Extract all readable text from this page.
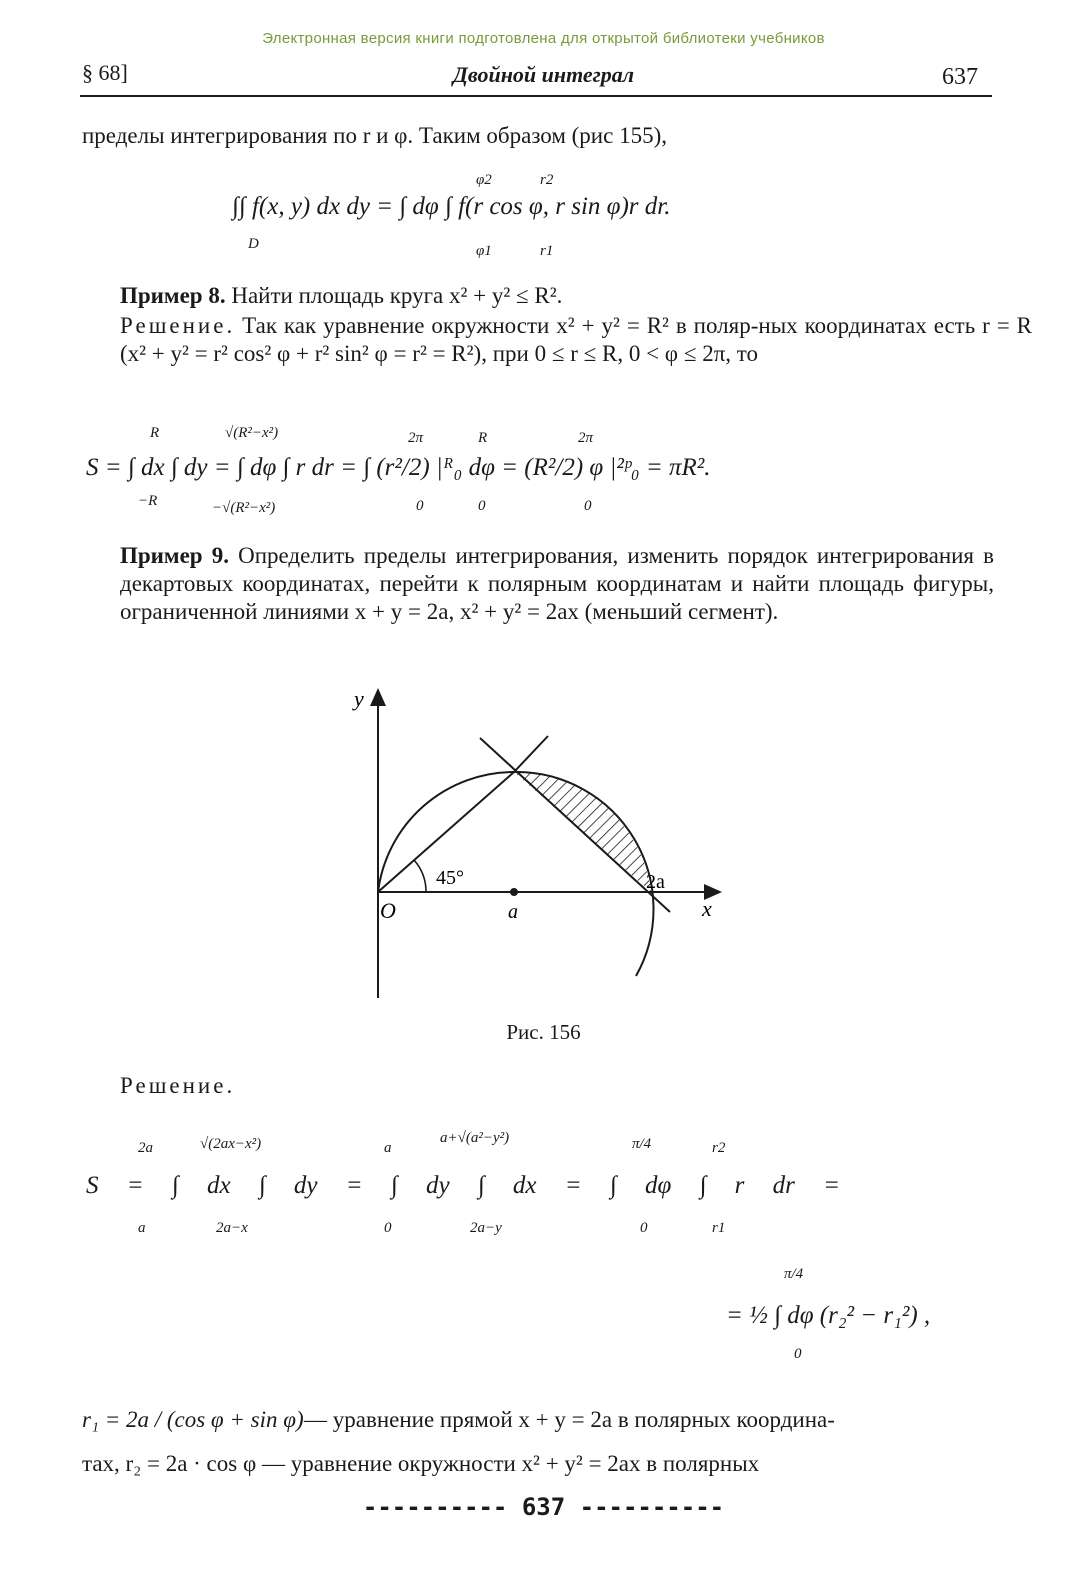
Электронная версия книги подготовлена для открытой библиотеки учебников
§ 68]	Двойной интеграл	637
пределы интегрирования по r и φ. Таким образом (рис 155),
∫∫ f(x, y) dx dy = ∫ dφ ∫ f(r cos φ, r sin φ)r dr.
D
φ2
φ1
r2
r1
Пример 8. Найти площадь круга x² + y² ≤ R².
Решение. Так как уравнение окружности x² + y² = R² в поляр-ных координатах есть r = R (x² + y² = r² cos² φ + r² sin² φ = r² = R²), при 0 ≤ r ≤ R, 0 < φ ≤ 2π, то
S = ∫ dx ∫ dy = ∫ dφ ∫ r dr = ∫ (r²/2) |ᴿ₀ dφ = (R²/2) φ |²ᵖ₀ = πR².
R
−R
√(R²−x²)
−√(R²−x²)
2π
0
R
0
2π
0
Пример 9. Определить пределы интегрирования, изменить порядок интегрирования в декартовых координатах, перейти к полярным координатам и найти площадь фигуры, ограниченной линиями x + y = 2a, x² + y² = 2ax (меньший сегмент).
y
x
O	a
2a
45°
Рис. 156
Решение.
S = ∫ dx ∫ dy = ∫ dy ∫ dx = ∫ dφ ∫ r dr =
2a
a
√(2ax−x²)
2a−x
a
0
a+√(a²−y²)
2a−y
π/4
0
r2
r1
= ½ ∫ dφ (r₂² − r₁²) ,
π/4
0
r₁ = 2a / (cos φ + sin φ) — уравнение прямой x + y = 2a в полярных координа-
тах, r₂ = 2a · cos φ — уравнение окружности x² + y² = 2ax в полярных
---------- 637 ----------
